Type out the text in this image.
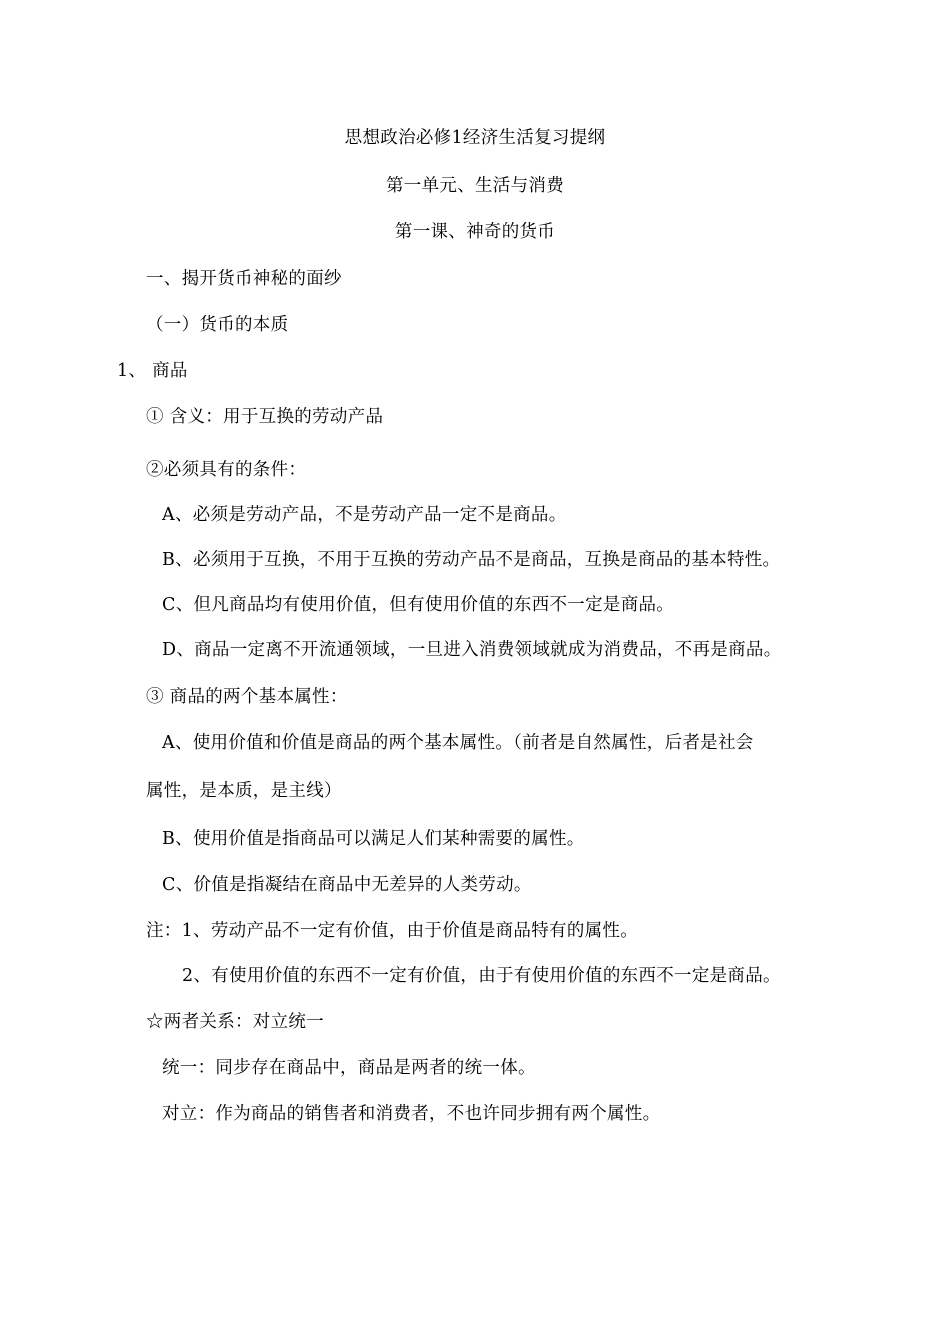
思想政治必修1经济生活复习提纲
第一单元、生活与消费
第一课、神奇的货币
一、揭开货币神秘的面纱
（一）货币的本质
1、 商品
① 含义：用于互换的劳动产品
②必须具有的条件：
A、必须是劳动产品，不是劳动产品一定不是商品。
B、必须用于互换，不用于互换的劳动产品不是商品，互换是商品的基本特性。
C、但凡商品均有使用价值，但有使用价值的东西不一定是商品。
D、商品一定离不开流通领域，一旦进入消费领域就成为消费品，不再是商品。
③ 商品的两个基本属性：
A、使用价值和价值是商品的两个基本属性。（前者是自然属性，后者是社会
属性，是本质，是主线）
B、使用价值是指商品可以满足人们某种需要的属性。
C、价值是指凝结在商品中无差异的人类劳动。
注：1、劳动产品不一定有价值，由于价值是商品特有的属性。
2、有使用价值的东西不一定有价值，由于有使用价值的东西不一定是商品。
☆两者关系：对立统一
统一：同步存在商品中，商品是两者的统一体。
对立：作为商品的销售者和消费者，不也许同步拥有两个属性。
